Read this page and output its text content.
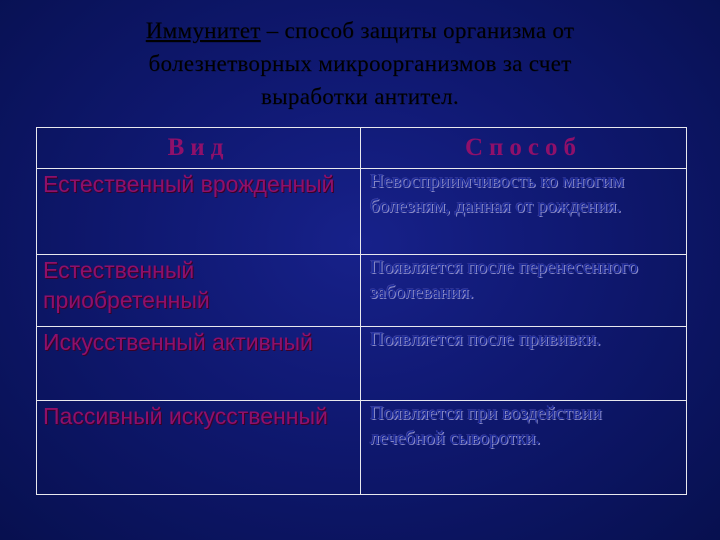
Иммунитет – способ защиты организма от
болезнетворных микроорганизмов за счет
выработки антител.
Вид	Способ
Естественный врожденный	Невосприимчивость ко многим болезням, данная от рождения.
Естественный приобретенный	Появляется после перенесенного заболевания.
Искусственный активный	Появляется после прививки.
Пассивный искусственный	Появляется при воздействии лечебной сыворотки.
